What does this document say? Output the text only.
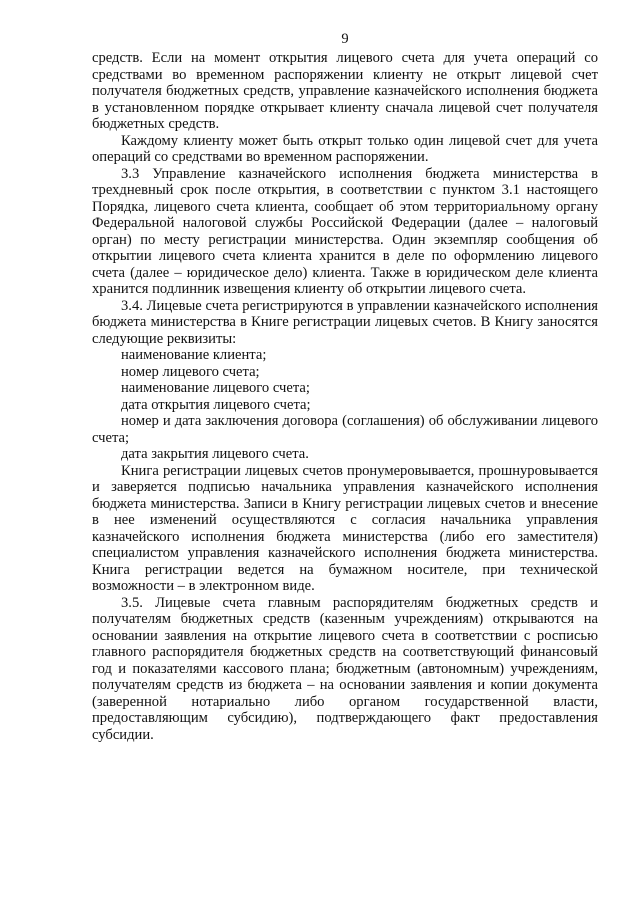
9

средств. Если на момент открытия лицевого счета для учета операций со средствами во временном распоряжении клиенту не открыт лицевой счет получателя бюджетных средств, управление казначейского исполнения бюджета в установленном порядке открывает клиенту сначала лицевой счет получателя бюджетных средств.

Каждому клиенту может быть открыт только один лицевой счет для учета операций со средствами во временном распоряжении.

3.3 Управление казначейского исполнения бюджета министерства в трехдневный срок после открытия, в соответствии с пунктом 3.1 настоящего Порядка, лицевого счета клиента, сообщает об этом территориальному органу Федеральной налоговой службы Российской Федерации (далее – налоговый орган) по месту регистрации министерства. Один экземпляр сообщения об открытии лицевого счета клиента хранится в деле по оформлению лицевого счета (далее – юридическое дело) клиента. Также в юридическом деле клиента хранится подлинник извещения клиенту об открытии лицевого счета.

3.4. Лицевые счета регистрируются в управлении казначейского исполнения бюджета министерства в Книге регистрации лицевых счетов. В Книгу заносятся следующие реквизиты:

наименование клиента;

номер лицевого счета;

наименование лицевого счета;

дата открытия лицевого счета;

номер и дата заключения договора (соглашения) об обслуживании лицевого счета;

дата закрытия лицевого счета.

Книга регистрации лицевых счетов пронумеровывается, прошнуровывается и заверяется подписью начальника управления казначейского исполнения бюджета министерства. Записи в Книгу регистрации лицевых счетов и внесение в нее изменений осуществляются с согласия начальника управления казначейского исполнения бюджета министерства (либо его заместителя) специалистом управления казначейского исполнения бюджета министерства. Книга регистрации ведется на бумажном носителе, при технической возможности – в электронном виде.

3.5. Лицевые счета главным распорядителям бюджетных средств и получателям бюджетных средств (казенным учреждениям) открываются на основании заявления на открытие лицевого счета в соответствии с росписью главного распорядителя бюджетных средств на соответствующий финансовый год и показателями кассового плана; бюджетным (автономным) учреждениям, получателям средств из бюджета – на основании заявления и копии документа (заверенной нотариально либо органом государственной власти, предоставляющим субсидию), подтверждающего факт предоставления субсидии.
